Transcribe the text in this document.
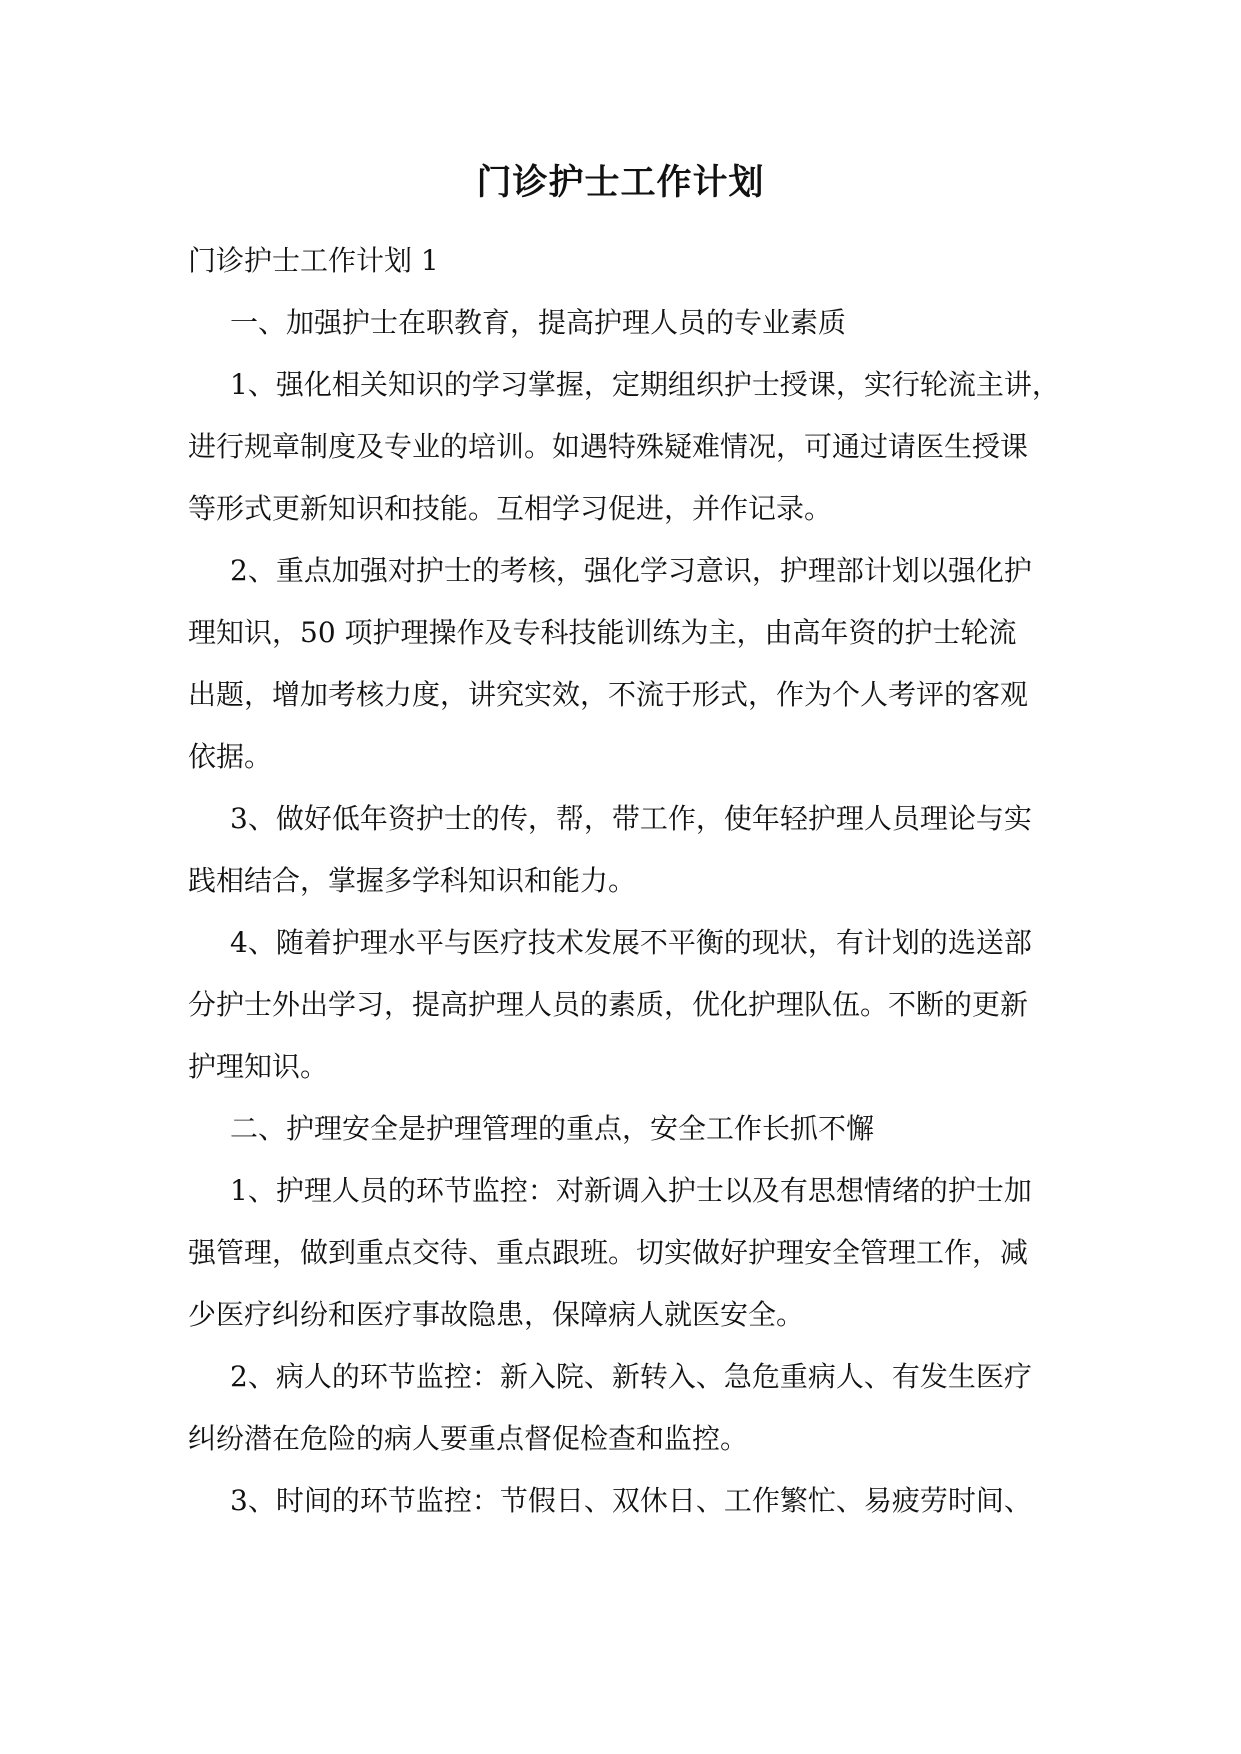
门诊护士工作计划

门诊护士工作计划 1

一、加强护士在职教育，提高护理人员的专业素质

1、强化相关知识的学习掌握，定期组织护士授课，实行轮流主讲，
进行规章制度及专业的培训。如遇特殊疑难情况，可通过请医生授课
等形式更新知识和技能。互相学习促进，并作记录。

2、重点加强对护士的考核，强化学习意识，护理部计划以强化护
理知识，50 项护理操作及专科技能训练为主，由高年资的护士轮流
出题，增加考核力度，讲究实效，不流于形式，作为个人考评的客观
依据。

3、做好低年资护士的传，帮，带工作，使年轻护理人员理论与实
践相结合，掌握多学科知识和能力。

4、随着护理水平与医疗技术发展不平衡的现状，有计划的选送部
分护士外出学习，提高护理人员的素质，优化护理队伍。不断的更新
护理知识。

二、护理安全是护理管理的重点，安全工作长抓不懈

1、护理人员的环节监控：对新调入护士以及有思想情绪的护士加
强管理，做到重点交待、重点跟班。切实做好护理安全管理工作，减
少医疗纠纷和医疗事故隐患，保障病人就医安全。

2、病人的环节监控：新入院、新转入、急危重病人、有发生医疗
纠纷潜在危险的病人要重点督促检查和监控。

3、时间的环节监控：节假日、双休日、工作繁忙、易疲劳时间、
